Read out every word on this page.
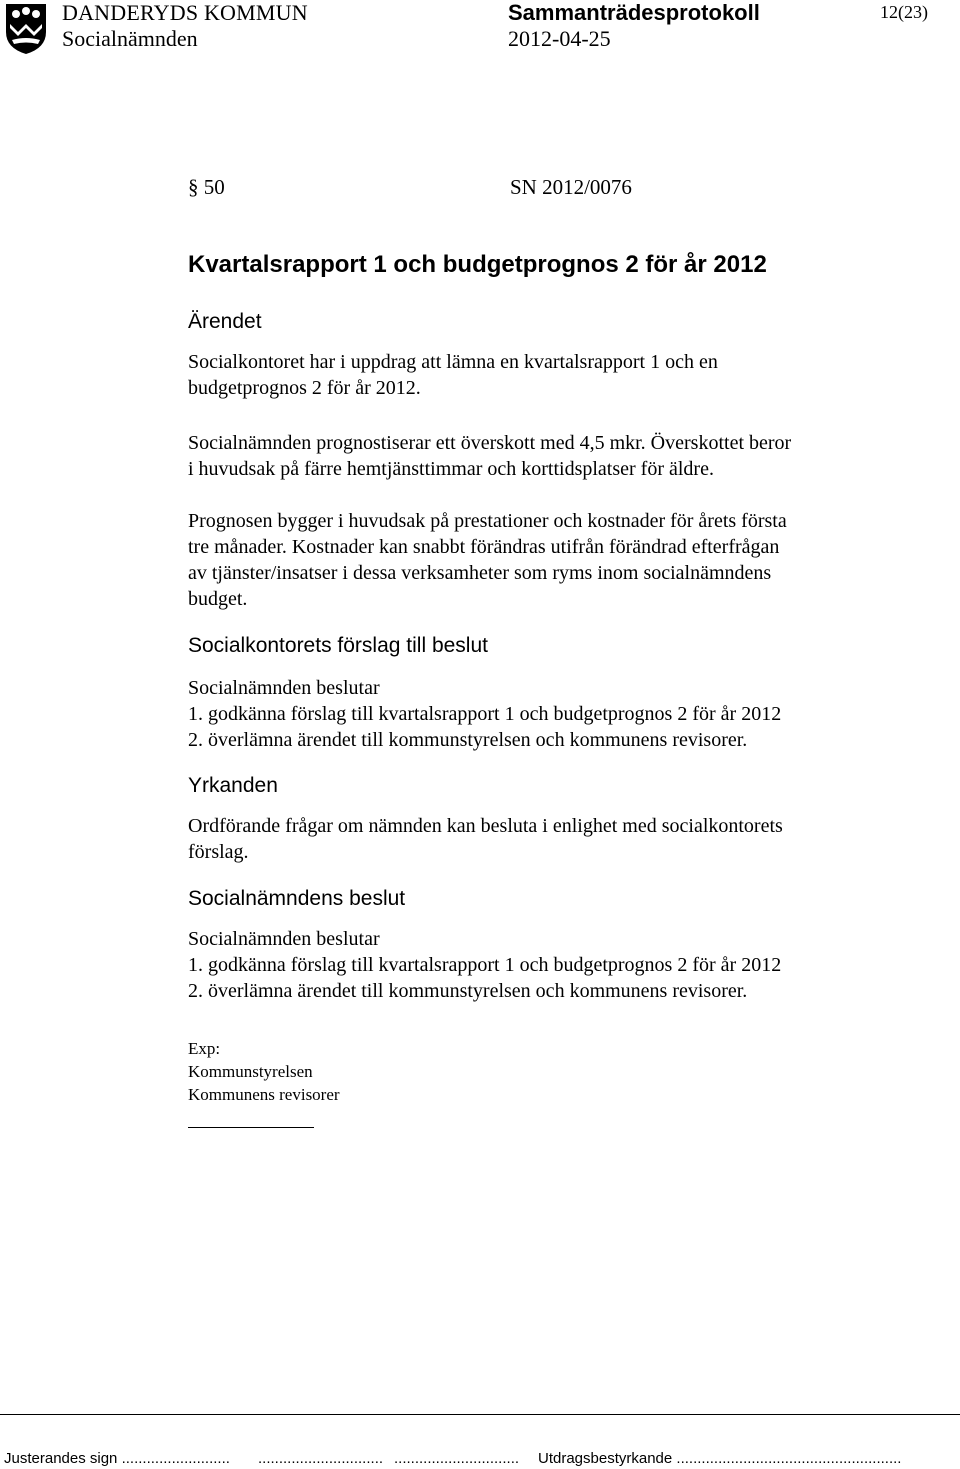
DANDERYDS KOMMUN
Socialnämnden
Sammanträdesprotokoll
2012-04-25
12(23)
§ 50	SN 2012/0076
Kvartalsrapport 1 och budgetprognos 2 för år 2012
Ärendet
Socialkontoret har i uppdrag att lämna en kvartalsrapport 1 och en
budgetprognos 2 för år 2012.
Socialnämnden prognostiserar ett överskott med 4,5 mkr. Överskottet beror
i huvudsak på färre hemtjänsttimmar och korttidsplatser för äldre.
Prognosen bygger i huvudsak på prestationer och kostnader för årets första
tre månader. Kostnader kan snabbt förändras utifrån förändrad efterfrågan
av tjänster/insatser i dessa verksamheter som ryms inom socialnämndens
budget.
Socialkontorets förslag till beslut
Socialnämnden beslutar
1. godkänna förslag till kvartalsrapport 1 och budgetprognos 2 för år 2012
2. överlämna ärendet till kommunstyrelsen och kommunens revisorer.
Yrkanden
Ordförande frågar om nämnden kan besluta i enlighet med socialkontorets
förslag.
Socialnämndens beslut
Socialnämnden beslutar
1. godkänna förslag till kvartalsrapport 1 och budgetprognos 2 för år 2012
2. överlämna ärendet till kommunstyrelsen och kommunens revisorer.
Exp:
Kommunstyrelsen
Kommunens revisorer
Justerandes sign .......................... .............................. .............................. Utdragsbestyrkande ......................................................
